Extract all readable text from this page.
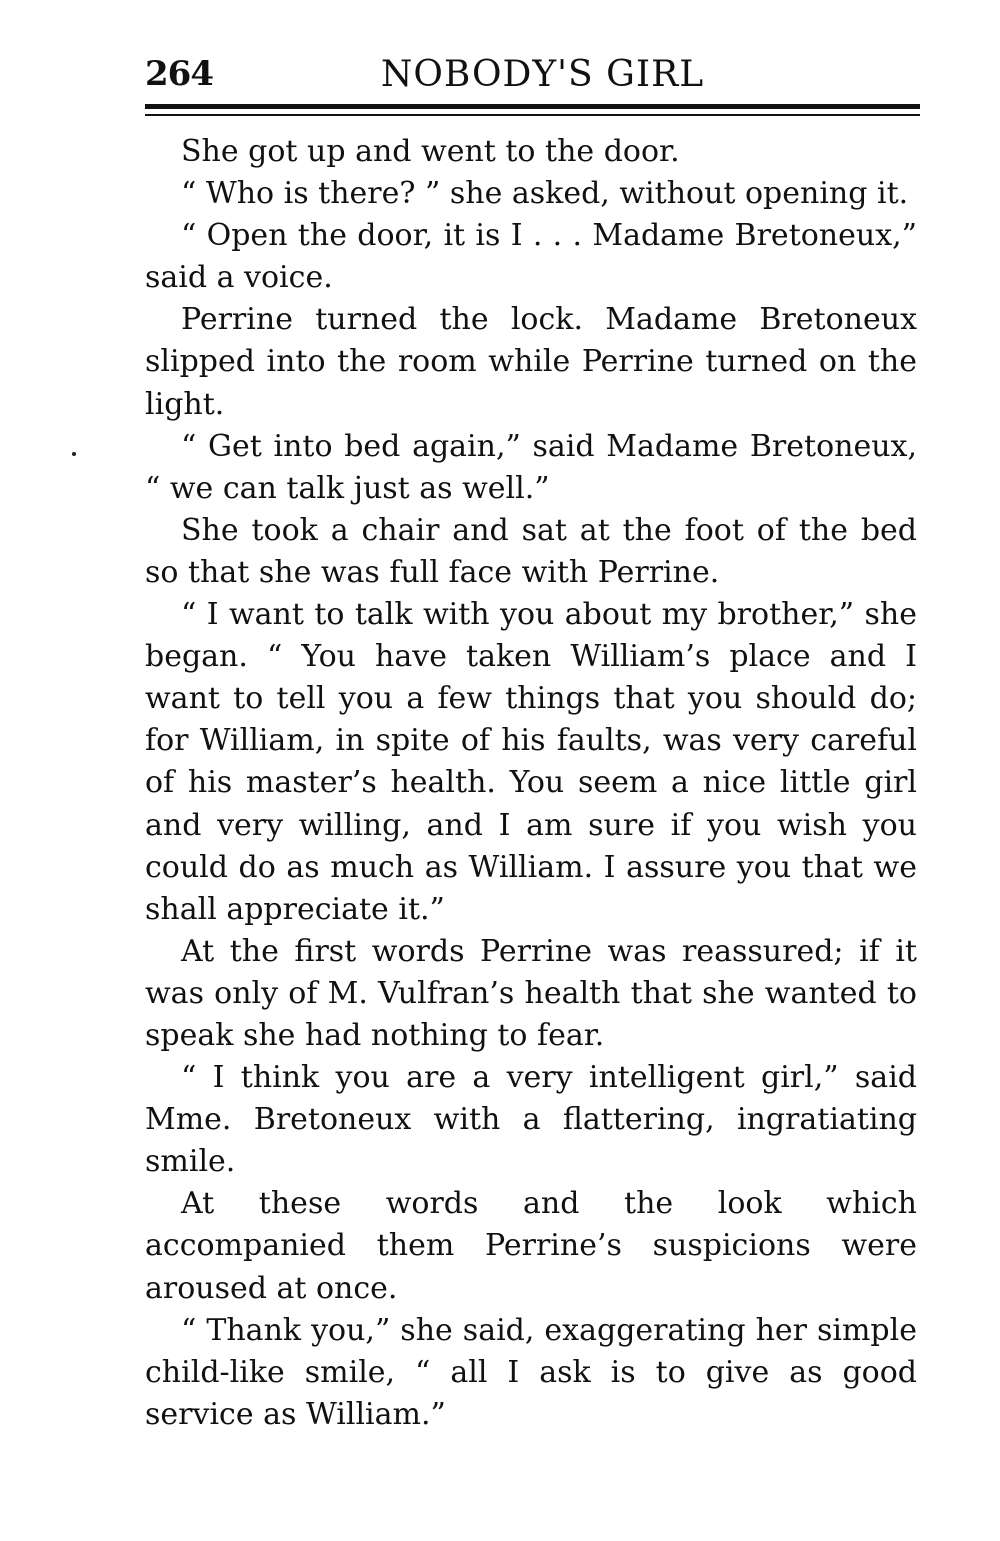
264	NOBODY'S GIRL

She got up and went to the door.

“ Who is there? ” she asked, without opening it.

“ Open the door, it is I . . . Madame Bretoneux,” said a voice.

Perrine turned the lock. Madame Bretoneux slipped into the room while Perrine turned on the light.

“ Get into bed again,” said Madame Bretoneux, “ we can talk just as well.”

She took a chair and sat at the foot of the bed so that she was full face with Perrine.

“ I want to talk with you about my brother,” she began. “ You have taken William’s place and I want to tell you a few things that you should do; for William, in spite of his faults, was very careful of his master’s health. You seem a nice little girl and very willing, and I am sure if you wish you could do as much as William. I assure you that we shall appreciate it.”

At the first words Perrine was reassured; if it was only of M. Vulfran’s health that she wanted to speak she had nothing to fear.

“ I think you are a very intelligent girl,” said Mme. Bretoneux with a flattering, ingratiating smile.

At these words and the look which accompanied them Perrine’s suspicions were aroused at once.

“ Thank you,” she said, exaggerating her simple child-like smile, “ all I ask is to give as good service as William.”
